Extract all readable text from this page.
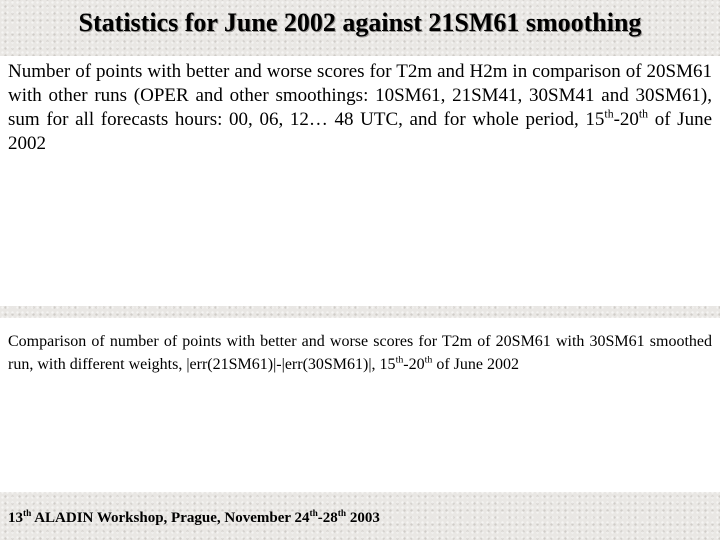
Statistics for June 2002 against 21SM61 smoothing

Number of points with better and worse scores for T2m and H2m in comparison of 20SM61 with other runs (OPER and other smoothings: 10SM61, 21SM41, 30SM41 and 30SM61), sum for all forecasts hours: 00, 06, 12… 48 UTC, and for whole period, 15th-20th of June 2002

Comparison of number of points with better and worse scores for T2m of 20SM61 with 30SM61 smoothed run, with different weights, |err(21SM61)|-|err(30SM61)|, 15th-20th of June 2002

13th ALADIN Workshop, Prague, November 24th-28th 2003
